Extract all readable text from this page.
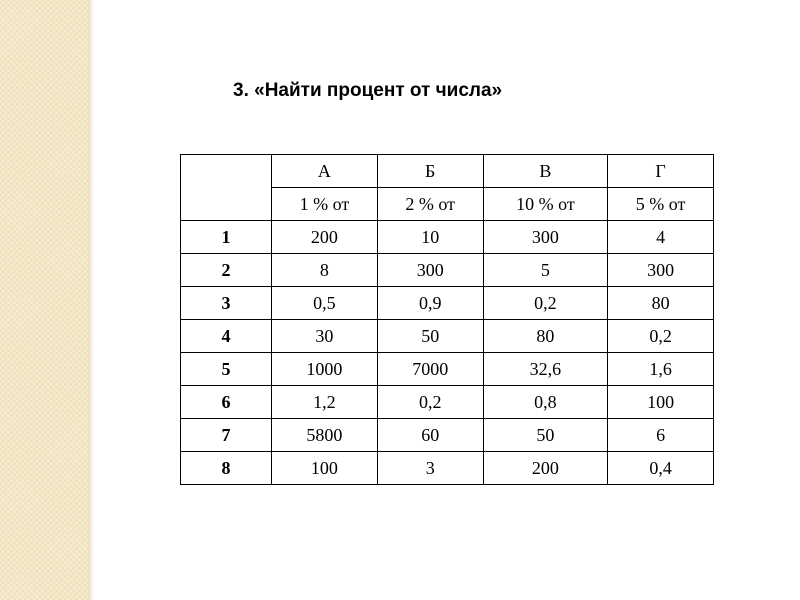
3. «Найти процент от числа»
	А	Б	В	Г
	1 % от	2 % от	10 % от	5 % от
1	200	10	300	4
2	8	300	5	300
3	0,5	0,9	0,2	80
4	30	50	80	0,2
5	1000	7000	32,6	1,6
6	1,2	0,2	0,8	100
7	5800	60	50	6
8	100	3	200	0,4
